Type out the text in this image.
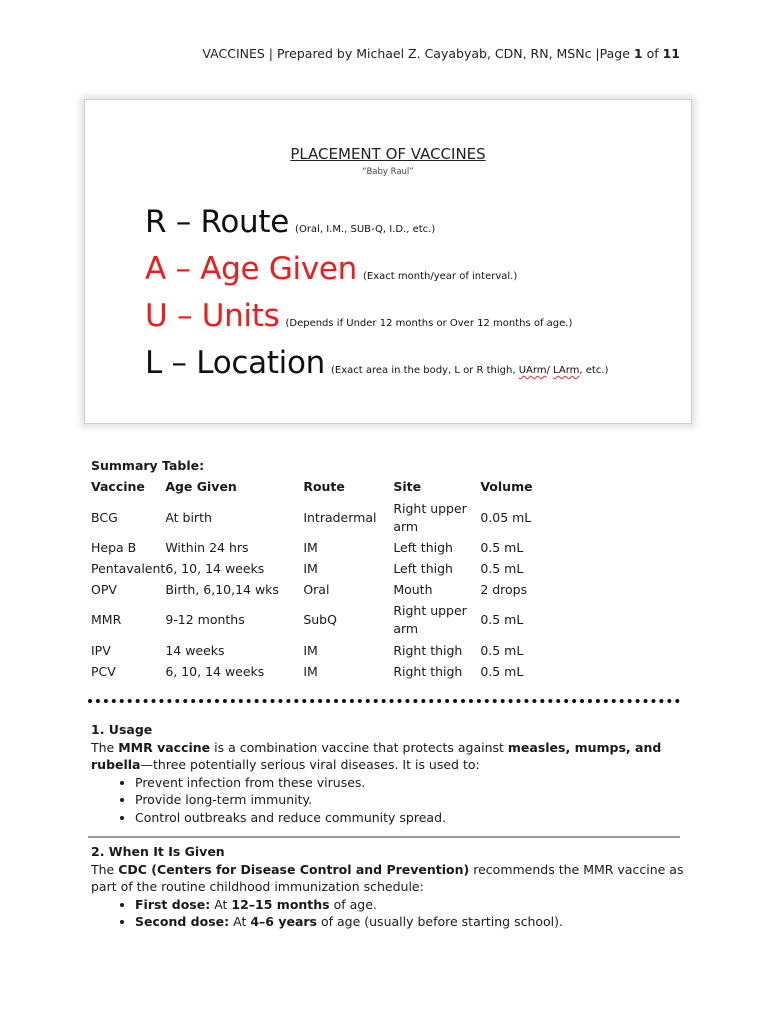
VACCINES | Prepared by Michael Z. Cayabyab, CDN, RN, MSNc |Page 1 of 11
PLACEMENT OF VACCINES
“Baby Raul”
R – Route (Oral, I.M., SUB-Q, I.D., etc.)
A – Age Given (Exact month/year of interval.)
U – Units (Depends if Under 12 months or Over 12 months of age.)
L – Location (Exact area in the body, L or R thigh, UArm/ LArm, etc.)
Summary Table:
Vaccine	Age Given	Route	Site	Volume
BCG	At birth	Intradermal	Right upper arm	0.05 mL
Hepa B	Within 24 hrs	IM	Left thigh	0.5 mL
Pentavalent	6, 10, 14 weeks	IM	Left thigh	0.5 mL
OPV	Birth, 6,10,14 wks	Oral	Mouth	2 drops
MMR	9-12 months	SubQ	Right upper arm	0.5 mL
IPV	14 weeks	IM	Right thigh	0.5 mL
PCV	6, 10, 14 weeks	IM	Right thigh	0.5 mL
1. Usage

The MMR vaccine is a combination vaccine that protects against measles, mumps, and rubella—three potentially serious viral diseases. It is used to:

• Prevent infection from these viruses.
• Provide long-term immunity.
• Control outbreaks and reduce community spread.
2. When It Is Given

The CDC (Centers for Disease Control and Prevention) recommends the MMR vaccine as part of the routine childhood immunization schedule:

• First dose: At 12–15 months of age.
• Second dose: At 4–6 years of age (usually before starting school).
